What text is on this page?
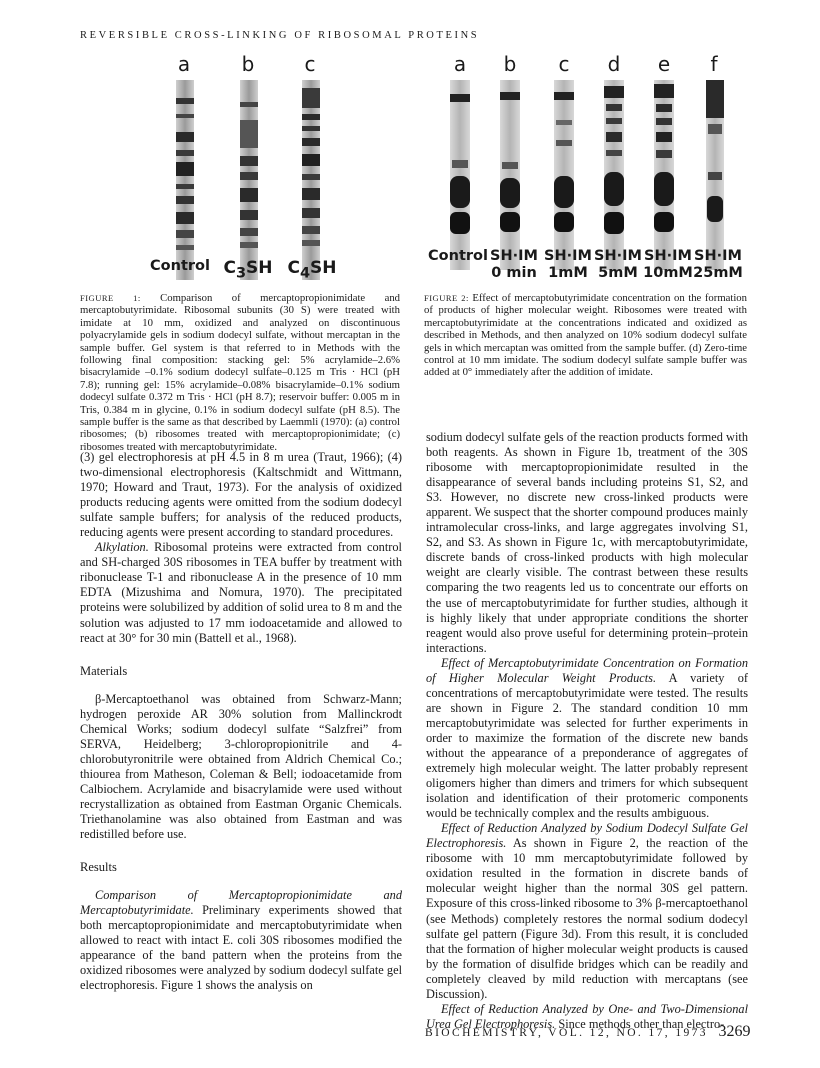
REVERSIBLE CROSS-LINKING OF RIBOSOMAL PROTEINS
a	b	c
Control $C_3SH$ $C_4SH$
a b c d e f
Control SH·IM SH·IM SH·IM SH·IM SH·IM
0 min 1mM 5mM 10mM 25mM
FIGURE 1: Comparison of mercaptopropionimidate and mercaptobutyrimidate. Ribosomal subunits (30 S) were treated with imidate at 10 mm, oxidized and analyzed on discontinuous polyacrylamide gels in sodium dodecyl sulfate, without mercaptan in the sample buffer. Gel system is that referred to in Methods with the following final composition: stacking gel: 5% acrylamide–2.6% bisacrylamide –0.1% sodium dodecyl sulfate–0.125 m Tris · HCl (pH 7.8); running gel: 15% acrylamide–0.08% bisacrylamide–0.1% sodium dodecyl sulfate 0.372 m Tris · HCl (pH 8.7); reservoir buffer: 0.005 m in Tris, 0.384 m in glycine, 0.1% in sodium dodecyl sulfate (pH 8.5). The sample buffer is the same as that described by Laemmli (1970): (a) control ribosomes; (b) ribosomes treated with mercaptopropionimidate; (c) ribosomes treated with mercaptobutyrimidate.
FIGURE 2: Effect of mercaptobutyrimidate concentration on the formation of products of higher molecular weight. Ribosomes were treated with mercaptobutyrimidate at the concentrations indicated and oxidized as described in Methods, and then analyzed on 10% sodium dodecyl sulfate gels in which mercaptan was omitted from the sample buffer. (d) Zero-time control at 10 mm imidate. The sodium dodecyl sulfate sample buffer was added at 0° immediately after the addition of imidate.

(3) gel electrophoresis at pH 4.5 in 8 m urea (Traut, 1966); (4) two-dimensional electrophoresis (Kaltschmidt and Wittmann, 1970; Howard and Traut, 1973). For the analysis of oxidized products reducing agents were omitted from the sodium dodecyl sulfate sample buffers; for analysis of the reduced products, reducing agents were present according to standard procedures.

Alkylation. Ribosomal proteins were extracted from control and SH-charged 30S ribosomes in TEA buffer by treatment with ribonuclease T-1 and ribonuclease A in the presence of 10 mm EDTA (Mizushima and Nomura, 1970). The precipitated proteins were solubilized by addition of solid urea to 8 m and the solution was adjusted to 17 mm iodoacetamide and allowed to react at 30° for 30 min (Battell et al., 1968).

Materials

β-Mercaptoethanol was obtained from Schwarz-Mann; hydrogen peroxide AR 30% solution from Mallinckrodt Chemical Works; sodium dodecyl sulfate “Salzfrei” from SERVA, Heidelberg; 3-chloropropionitrile and 4-chlorobutyronitrile were obtained from Aldrich Chemical Co.; thiourea from Matheson, Coleman & Bell; iodoacetamide from Calbiochem. Acrylamide and bisacrylamide were used without recrystallization as obtained from Eastman Organic Chemicals. Triethanolamine was also obtained from Eastman and was redistilled before use.

Results

Comparison of Mercaptopropionimidate and Mercaptobutyrimidate. Preliminary experiments showed that both mercaptopropionimidate and mercaptobutyrimidate when allowed to react with intact E. coli 30S ribosomes modified the appearance of the band pattern when the proteins from the oxidized ribosomes were analyzed by sodium dodecyl sulfate gel electrophoresis. Figure 1 shows the analysis on

sodium dodecyl sulfate gels of the reaction products formed with both reagents. As shown in Figure 1b, treatment of the 30S ribosome with mercaptopropionimidate resulted in the disappearance of several bands including proteins S1, S2, and S3. However, no discrete new cross-linked products were apparent. We suspect that the shorter compound produces mainly intramolecular cross-links, and large aggregates involving S1, S2, and S3. As shown in Figure 1c, with mercaptobutyrimidate, discrete bands of cross-linked products with high molecular weight are clearly visible. The contrast between these results comparing the two reagents led us to concentrate our efforts on the use of mercaptobutyrimidate for further studies, although it is highly likely that under appropriate conditions the shorter reagent would also prove useful for determining protein–protein interactions.

Effect of Mercaptobutyrimidate Concentration on Formation of Higher Molecular Weight Products. A variety of concentrations of mercaptobutyrimidate were tested. The results are shown in Figure 2. The standard condition 10 mm mercaptobutyrimidate was selected for further experiments in order to maximize the formation of the discrete new bands without the appearance of a preponderance of aggregates of extremely high molecular weight. The latter probably represent oligomers higher than dimers and trimers for which subsequent isolation and identification of their protomeric components would be technically complex and the results ambiguous.

Effect of Reduction Analyzed by Sodium Dodecyl Sulfate Gel Electrophoresis. As shown in Figure 2, the reaction of the ribosome with 10 mm mercaptobutyrimidate followed by oxidation resulted in the formation in discrete bands of molecular weight higher than the normal 30S gel pattern. Exposure of this cross-linked ribosome to 3% β-mercaptoethanol (see Methods) completely restores the normal sodium dodecyl sulfate gel pattern (Figure 3d). From this result, it is concluded that the formation of higher molecular weight products is caused by the formation of disulfide bridges which can be readily and completely cleaved by mild reduction with mercaptans (see Discussion).

Effect of Reduction Analyzed by One- and Two-Dimensional Urea Gel Electrophoresis. Since methods other than electro-

BIOCHEMISTRY, VOL. 12, NO. 17, 1973 3269
